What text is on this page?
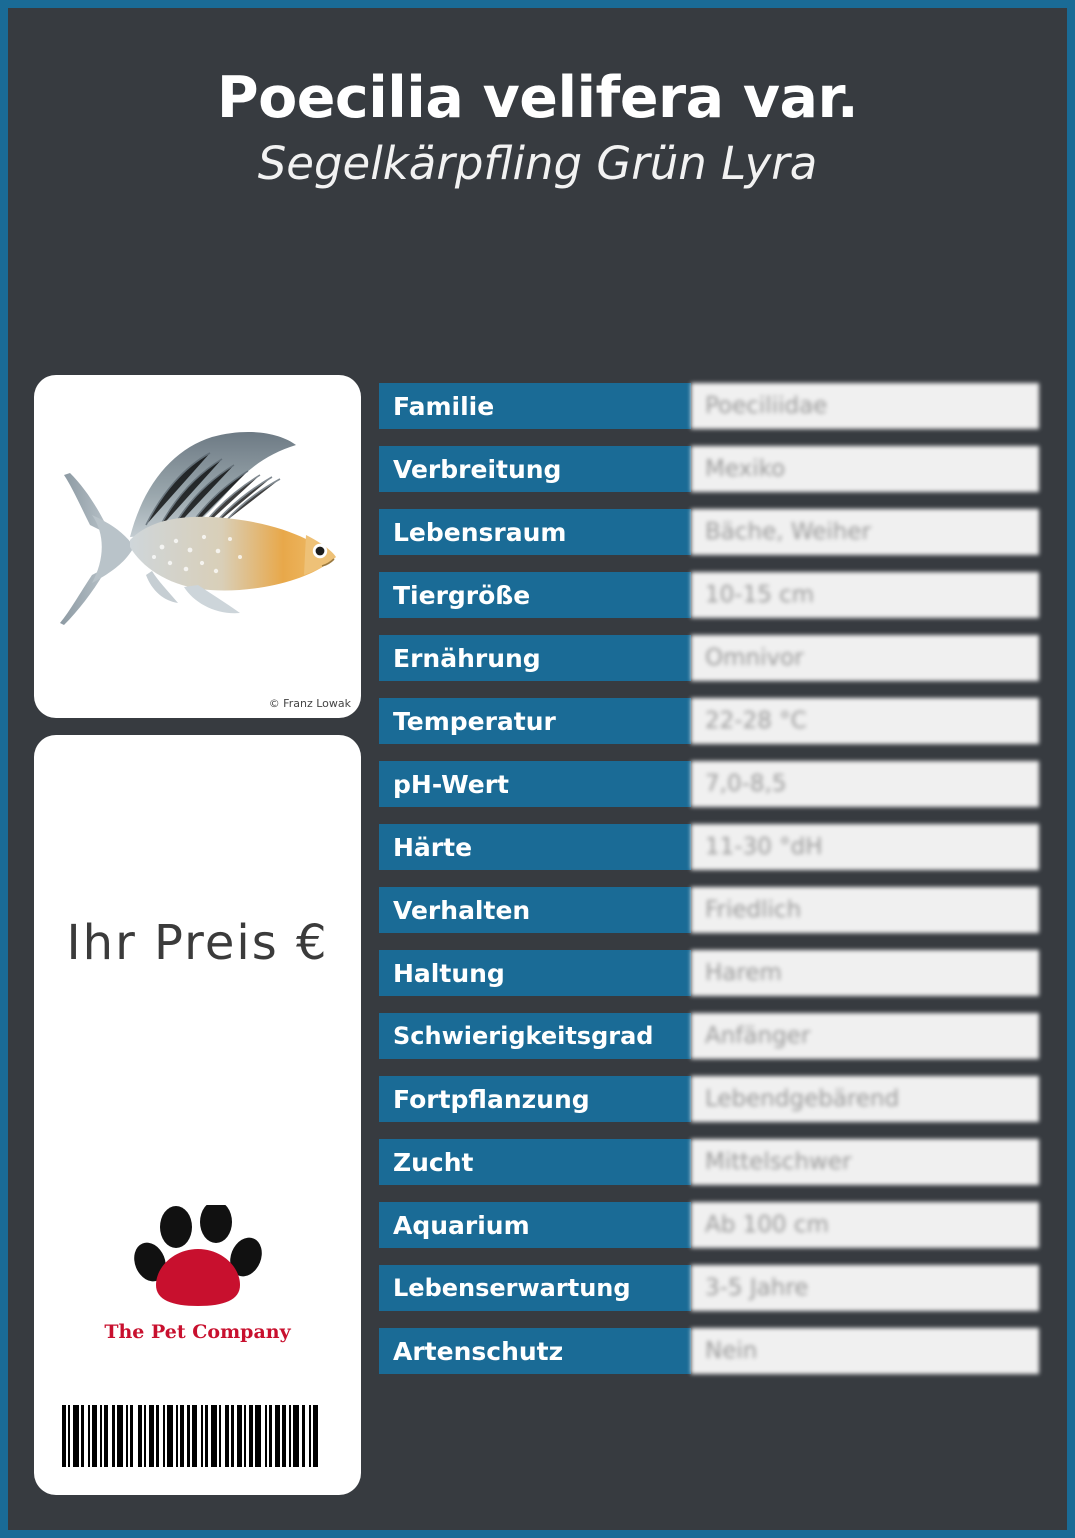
Poecilia velifera var.
Segelkärpfling Grün Lyra
© Franz Lowak
Ihr Preis €
The Pet Company
Familie	Poeciliidae
Verbreitung	Mexiko
Lebensraum	Bäche, Weiher
Tiergröße	10-15 cm
Ernährung	Omnivor
Temperatur	22-28 °C
pH-Wert	7,0-8,5
Härte	11-30 °dH
Verhalten	Friedlich
Haltung	Harem
Schwierigkeitsgrad	Anfänger
Fortpflanzung	Lebendgebärend
Zucht	Mittelschwer
Aquarium	Ab 100 cm
Lebenserwartung	3-5 Jahre
Artenschutz	Nein
